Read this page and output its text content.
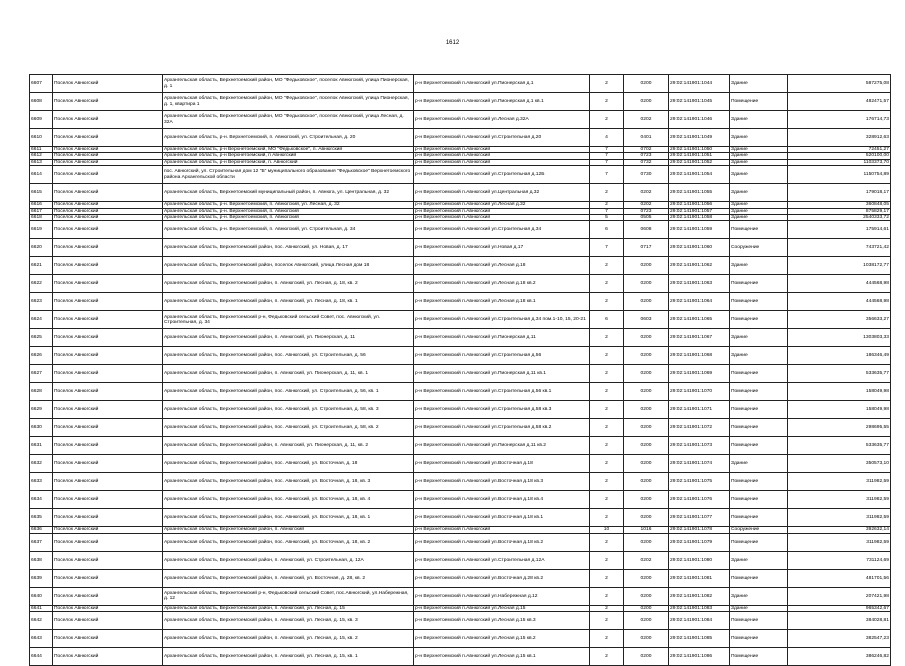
1612
6607	Поселок Авнюгский	Архангельская область, Верхнетоемский район, МО "Федьковское", поселок Авнюгский, улица Пионерская, д. 1	р-н Верхнетоемский п.Авнюгский ул.Пионерская д.1	2	0200	29:02:141901:1044	Здание	587275,08
6608	Поселок Авнюгский	Архангельская область, Верхнетоемский район, МО "Федьковское", поселок Авнюгский, улица Пионерская, д. 1, квартира 1	р-н Верхнетоемский п.Авнюгский ул.Пионерская д.1 кв.1	2	0200	29:02:141901:1045	Помещение	482471,57
6609	Поселок Авнюгский	Архангельская область, Верхнетоемский район, МО "Федьковское", поселок Авнюгский, улица Лесная, д. 32А	р-н Верхнетоемский п.Авнюгский ул.Лесная д.32А	2	0202	29:02:141901:1046	Здание	176714,73
6610	Поселок Авнюгский	Архангельская область, р-н. Верхнетоемский, п. Авнюгский, ул. Строительная, д. 20	р-н Верхнетоемский п.Авнюгский ул.Строительная д.20	4	0401	29:02:141901:1049	Здание	328912,63
6611	Поселок Авнюгский	Архангельская область, р-н Верхнетоемский, МО "Федьковское", п. Авнюгский	р-н Верхнетоемский п.Авнюгский	7	0702	29:02:141901:1050	Здание	72451,27
6612	Поселок Авнюгский	Архангельская область, р-н Верхнетоемский, п Авнюгский	р-н Верхнетоемский п.Авнюгский	7	0723	29:02:141901:1051	Здание	520100,00
6613	Поселок Авнюгский	Архангельская область, р-н Верхнетоемский, п. Авнюгский	р-н Верхнетоемский п.Авнюгский	7	0732	29:02:141901:1052	Здание	1103373,70
6614	Поселок Авнюгский	пос. Авнюгский, ул. Строительная дом 12 "Б" муниципального образования "Федьковское" Верхнетоемского района Архангельской области	р-н Верхнетоемский п.Авнюгский ул.Строительная д.12Б	7	0730	29:02:141901:1054	Здание	1150754,89
6615	Поселок Авнюгский	Архангельская область, Верхнетоемский муниципальный район, п. Авнюга, ул. Центральная, д. 32	р-н Верхнетоемский п.Авнюгский ул.Центральная д.32	2	0202	29:02:141901:1055	Здание	179018,17
6616	Поселок Авнюгский	Архангельская область, р-н. Верхнетоемский, п. Авнюгский, ул. Лесная, д. 32	р-н Верхнетоемский п.Авнюгский ул.Лесная д.32	2	0202	29:02:141901:1056	Здание	360848,05
6617	Поселок Авнюгский	Архангельская область, р-н. Верхнетоемский, п. Авнюгский	р-н Верхнетоемский п.Авнюгский	7	0723	29:02:141901:1057	Здание	875829,17
6618	Поселок Авнюгский	Архангельская область, р-н. Верхнетоемский, п. Авнюгский	р-н Верхнетоемский п.Авнюгский	5	0505	29:02:141901:1058	Здание	2540333,72
6619	Поселок Авнюгский	Архангельская область, р-н. Верхнетоемский, п. Авнюгский, ул. Строительная, д. 34	р-н Верхнетоемский п.Авнюгский ул.Строительная д.34	6	0608	29:02:141901:1059	Помещение	175914,61
6620	Поселок Авнюгский	Архангельская область, Верхнетоемский район, пос. Авнюгский, ул. Новая, д. 17	р-н Верхнетоемский п.Авнюгский ул.Новая д.17	7	0717	29:02:141901:1060	Сооружение	743721,42
6621	Поселок Авнюгский	Архангельская область, Верхнетоемский район, поселок Авнюгский, улица Лесная дом 18	р-н Верхнетоемский п.Авнюгский ул.Лесная д.18	2	0200	29:02:141901:1062	Здание	1038172,77
6622	Поселок Авнюгский	Архангельская область, Верхнетоемский район, п. Авнюгский, ул. Лесная, д. 18, кв. 2	р-н Верхнетоемский п.Авнюгский ул.Лесная д.18 кв.2	2	0200	29:02:141901:1063	Помещение	444568,98
6623	Поселок Авнюгский	Архангельская область, Верхнетоемский район, п. Авнюгский, ул. Лесная, д. 18, кв. 1	р-н Верхнетоемский п.Авнюгский ул.Лесная д.18 кв.1	2	0200	29:02:141901:1064	Помещение	444568,98
6624	Поселок Авнюгский	Архангельская область, Верхнетоемский р-н, Федьковский сельский Совет, пос. Авнюгский, ул. Строительная, д. 34	р-н Верхнетоемский п.Авнюгский ул.Строительная д.34 пом.1-10, 15, 20-21	6	0603	29:02:141901:1065	Помещение	356633,27
6625	Поселок Авнюгский	Архангельская область, Верхнетоемский район, п. Авнюгский, ул. Пионерская, д. 11	р-н Верхнетоемский п.Авнюгский ул.Пионерская д.11	2	0200	29:02:141901:1067	Здание	1303803,33
6626	Поселок Авнюгский	Архангельская область, Верхнетоемский район, пос. Авнюгский, ул. Строительная, д. 56	р-н Верхнетоемский п.Авнюгский ул.Строительная д.56	2	0200	29:02:141901:1068	Здание	186346,49
6627	Поселок Авнюгский	Архангельская область, Верхнетоемский район, п. Авнюгский, ул. Пионерская, д. 11, кв. 1	р-н Верхнетоемский п.Авнюгский ул.Пионерская д.11 кв.1	2	0200	29:02:141901:1069	Помещение	533635,77
6628	Поселок Авнюгский	Архангельская область, Верхнетоемский район, пос. Авнюгский, ул. Строительная, д. 56, кв. 1	р-н Верхнетоемский п.Авнюгский ул.Строительная д.56 кв.1	2	0200	29:02:141901:1070	Помещение	158049,98
6629	Поселок Авнюгский	Архангельская область, Верхнетоемский район, пос. Авнюгский, ул. Строительная, д. 58, кв. 3	р-н Верхнетоемский п.Авнюгский ул.Строительная д.58 кв.3	2	0200	29:02:141901:1071	Помещение	158049,98
6630	Поселок Авнюгский	Архангельская область, Верхнетоемский район, пос. Авнюгский, ул. Строительная, д. 58, кв. 2	р-н Верхнетоемский п.Авнюгский ул.Строительная д.58 кв.2	2	0200	29:02:141901:1072	Помещение	298695,55
6631	Поселок Авнюгский	Архангельская область, Верхнетоемский район, п. Авнюгский, ул. Пионерская, д. 11, кв. 2	р-н Верхнетоемский п.Авнюгский ул.Пионерская д.11 кв.2	2	0200	29:02:141901:1073	Помещение	533635,77
6632	Поселок Авнюгский	Архангельская область, Верхнетоемский район, пос. Авнюгский, ул. Восточная, д. 18	р-н Верхнетоемский п.Авнюгский ул.Восточная д.18	2	0200	29:02:141901:1074	Здание	350573,10
6633	Поселок Авнюгский	Архангельская область, Верхнетоемский район, пос. Авнюгский, ул. Восточная, д. 18, кв. 3	р-н Верхнетоемский п.Авнюгский ул.Восточная д.18 кв.3	2	0200	29:02:141901:1075	Помещение	311982,59
6634	Поселок Авнюгский	Архангельская область, Верхнетоемский район, пос. Авнюгский, ул. Восточная, д. 18, кв. 4	р-н Верхнетоемский п.Авнюгский ул.Восточная д.18 кв.4	2	0200	29:02:141901:1076	Помещение	311982,59
6635	Поселок Авнюгский	Архангельская область, Верхнетоемский район, пос. Авнюгский, ул. Восточная, д. 18, кв. 1	р-н Верхнетоемский п.Авнюгский ул.Восточная д.18 кв.1	2	0200	29:02:141901:1077	Помещение	311982,59
6636	Поселок Авнюгский	Архангельская область, Верхнетоемский район, п. Авнюгский	р-н Верхнетоемский п.Авнюгский	10	1016	29:02:141901:1078	Сооружение	392632,14
6637	Поселок Авнюгский	Архангельская область, Верхнетоемский район, пос. Авнюгский, ул. Восточная, д. 18, кв. 2	р-н Верхнетоемский п.Авнюгский ул.Восточная д.18 кв.2	2	0200	29:02:141901:1079	Помещение	311982,59
6638	Поселок Авнюгский	Архангельская область, Верхнетоемский район, п. Авнюгский, ул. Строительная, д. 12А	р-н Верхнетоемский п.Авнюгский ул.Строительная д.12А	2	0202	29:02:141901:1080	Здание	731124,69
6639	Поселок Авнюгский	Архангельская область, Верхнетоемский район, п. Авнюгский, ул. Восточная, д. 28, кв. 2	р-н Верхнетоемский п.Авнюгский ул.Восточная д.28 кв.2	2	0200	29:02:141901:1081	Помещение	481701,56
6640	Поселок Авнюгский	Архангельская область, Верхнетоемский р-н, Федьковский сельский Совет, пос.Авнюгский, ул.Набережная, д. 12	р-н Верхнетоемский п.Авнюгский ул.Набережная д.12	2	0200	29:02:141901:1082	Здание	207421,98
6641	Поселок Авнюгский	Архангельская область, Верхнетоемский район, п. Авнюгский, ул. Лесная, д. 15	р-н Верхнетоемский п.Авнюгский ул.Лесная д.15	2	0200	29:02:141901:1083	Здание	965342,67
6642	Поселок Авнюгский	Архангельская область, Верхнетоемский район, п. Авнюгский, ул. Лесная, д. 15, кв. 3	р-н Верхнетоемский п.Авнюгский ул.Лесная д.15 кв.3	2	0200	29:02:141901:1084	Помещение	384028,81
6643	Поселок Авнюгский	Архангельская область, Верхнетоемский район, п. Авнюгский, ул. Лесная, д. 15, кв. 2	р-н Верхнетоемский п.Авнюгский ул.Лесная д.15 кв.2	2	0200	29:02:141901:1085	Помещение	382547,23
6644	Поселок Авнюгский	Архангельская область, Верхнетоемский район, п. Авнюгский, ул. Лесная, д. 15, кв. 1	р-н Верхнетоемский п.Авнюгский ул.Лесная д.15 кв.1	2	0200	29:02:141901:1086	Помещение	386246,82
